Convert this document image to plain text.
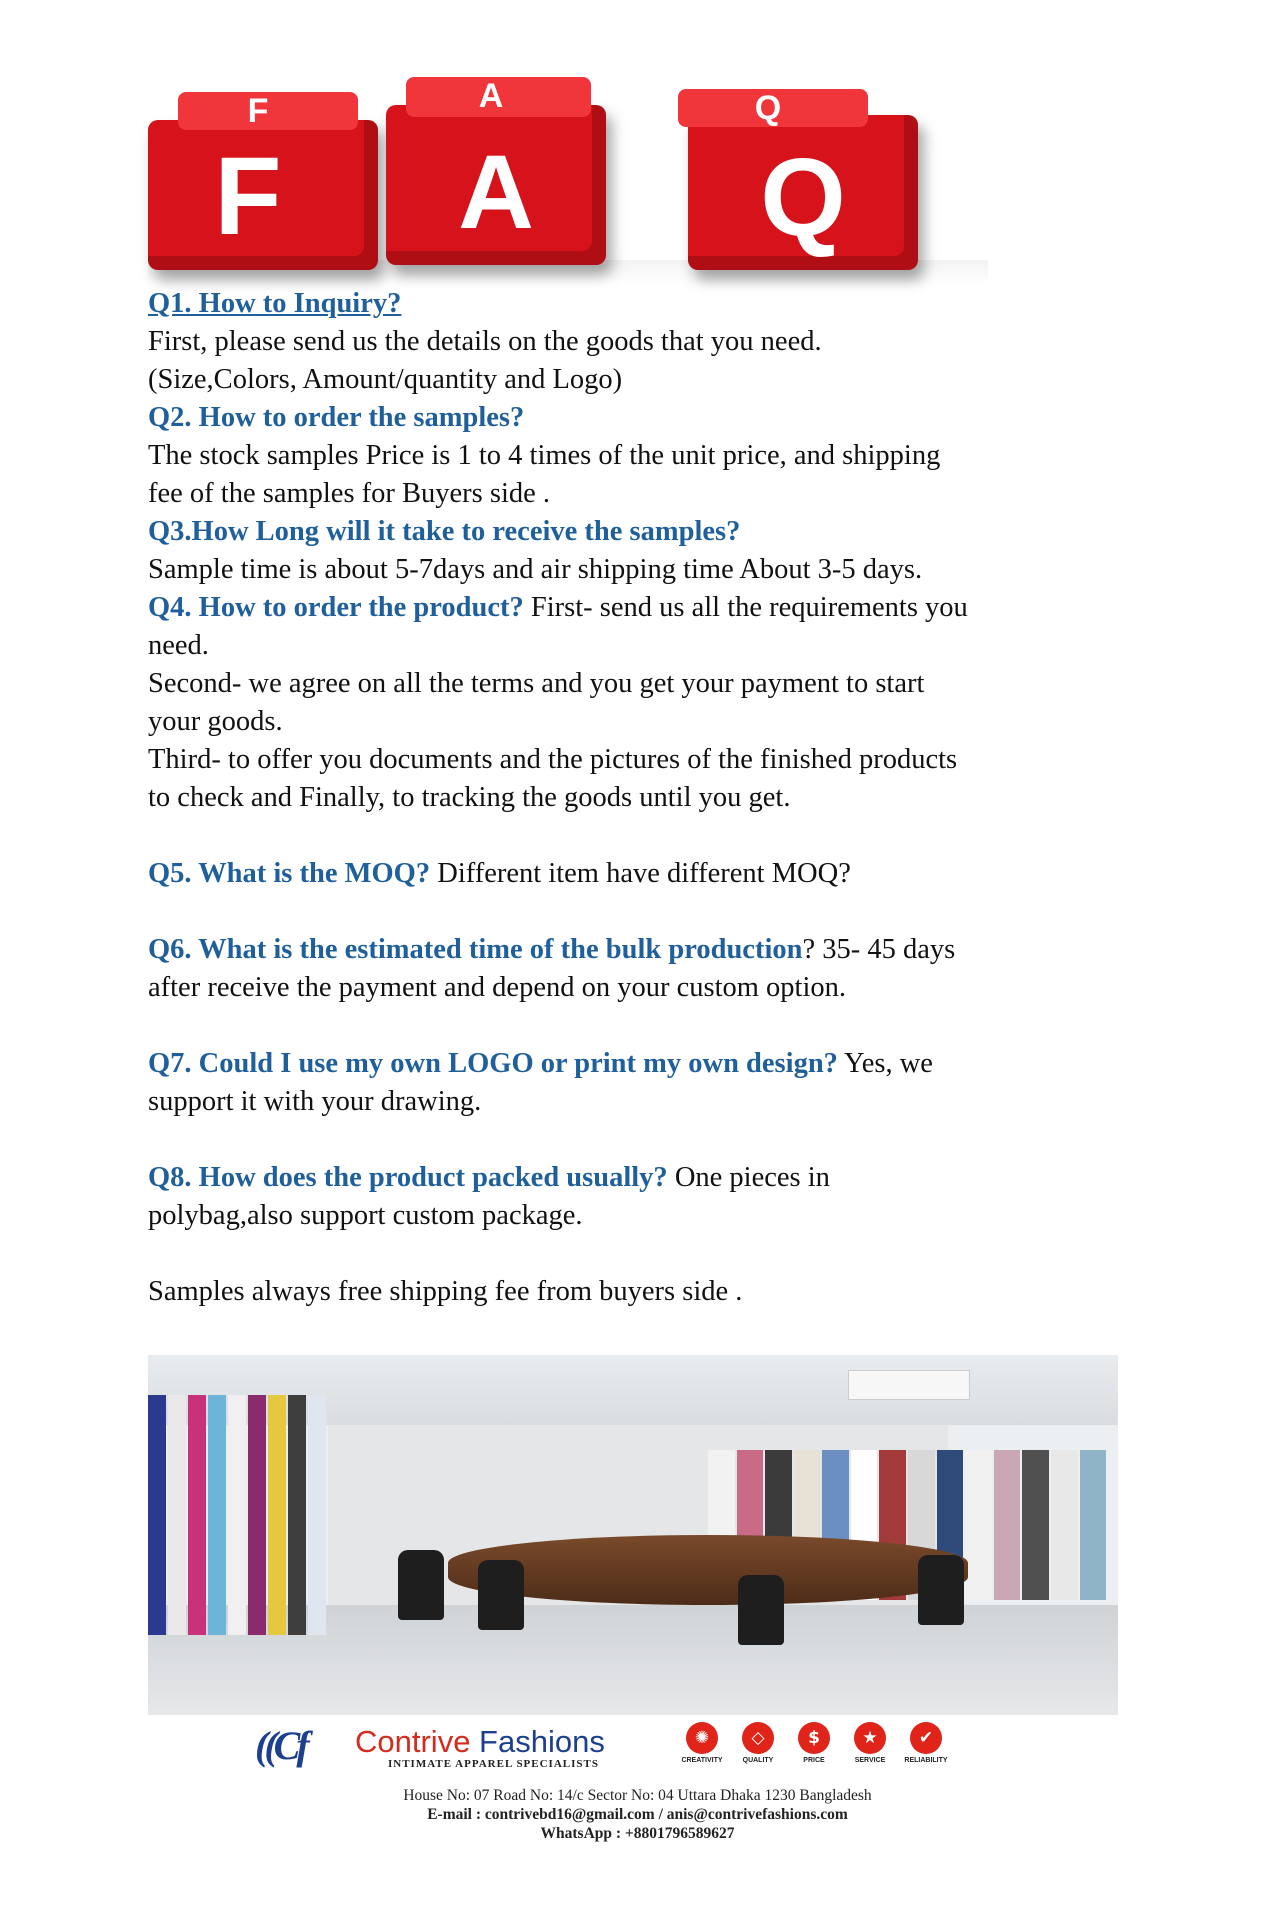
F
F
A
A
Q
Q

Q1. How to Inquiry?

First, please send us the details on the goods that you need.

(Size,Colors, Amount/quantity and Logo)

Q2. How to order the samples?

The stock samples Price is 1 to 4 times of the unit price, and shipping

fee of the samples for Buyers side .

Q3.How Long will it take to receive the samples?

Sample time is about 5-7days and air shipping time About 3-5 days.

Q4. How to order the product? First- send us all the requirements you

need.

Second- we agree on all the terms and you get your payment to start

your goods.

Third- to offer you documents and the pictures of the finished products

to check and Finally, to tracking the goods until you get.

Q5. What is the MOQ? Different item have different MOQ?

Q6. What is the estimated time of the bulk production? 35- 45 days

after receive the payment and depend on your custom option.

Q7. Could I use my own LOGO or print my own design? Yes, we

support it with your drawing.

Q8. How does the product packed usually? One pieces in

polybag,also support custom package.

Samples always free shipping fee from buyers side .

((Cf Contrive Fashions
INTIMATE APPAREL SPECIALISTS
✺
CREATIVITY
◇
QUALITY
$
PRICE
★
SERVICE
✔
RELIABILITY
House No: 07 Road No: 14/c Sector No: 04 Uttara Dhaka 1230 Bangladesh
E-mail : contrivebd16@gmail.com / anis@contrivefashions.com
WhatsApp : +8801796589627
